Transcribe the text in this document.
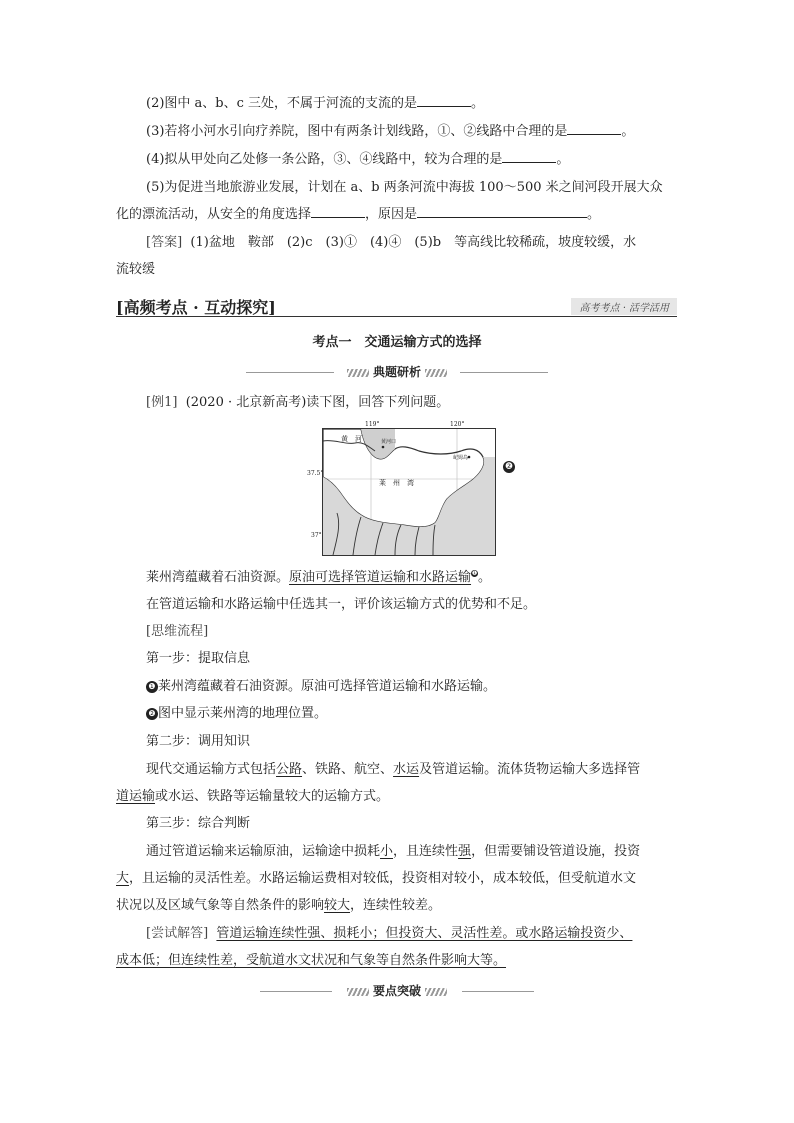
(2)图中 a、b、c 三处，不属于河流的支流的是	。
(3)若将小河水引向疗养院，图中有两条计划线路，①、②线路中合理的是	。
(4)拟从甲处向乙处修一条公路，③、④线路中，较为合理的是	。
(5)为促进当地旅游业发展，计划在 a、b 两条河流中海拔 100～500 米之间河段开展大众
化的漂流活动，从安全的角度选择	，原因是	。
[答案] (1)盆地　鞍部　(2)c　(3)①　(4)④　(5)b　等高线比较稀疏，坡度较缓，水
流较缓
[高频考点 · 互动探究]	高考考点 · 活学活用
考点一　交通运输方式的选择
典题研析
[例1] (2020 · 北京新高考)读下图，回答下列问题。
黄　河	黄河口
屺姆岛
莱　州　湾
37.5°
37°
119°	120°
❷
莱州湾蕴藏着石油资源。原油可选择管道运输和水路运输❶。
在管道运输和水路运输中任选其一，评价该运输方式的优势和不足。
[思维流程]
第一步：提取信息
❶ 莱州湾蕴藏着石油资源。原油可选择管道运输和水路运输。
❷ 图中显示莱州湾的地理位置。
第二步：调用知识
现代交通运输方式包括公路、铁路、航空、水运及管道运输。流体货物运输大多选择管
道运输或水运、铁路等运输量较大的运输方式。
第三步：综合判断
通过管道运输来运输原油，运输途中损耗小，且连续性强，但需要铺设管道设施，投资
大，且运输的灵活性差。水路运输运费相对较低，投资相对较小，成本较低，但受航道水文
状况以及区域气象等自然条件的影响较大，连续性较差。
[尝试解答] 管道运输连续性强、损耗小；但投资大、灵活性差。或水路运输投资少、
成本低；但连续性差，受航道水文状况和气象等自然条件影响大等。
要点突破
